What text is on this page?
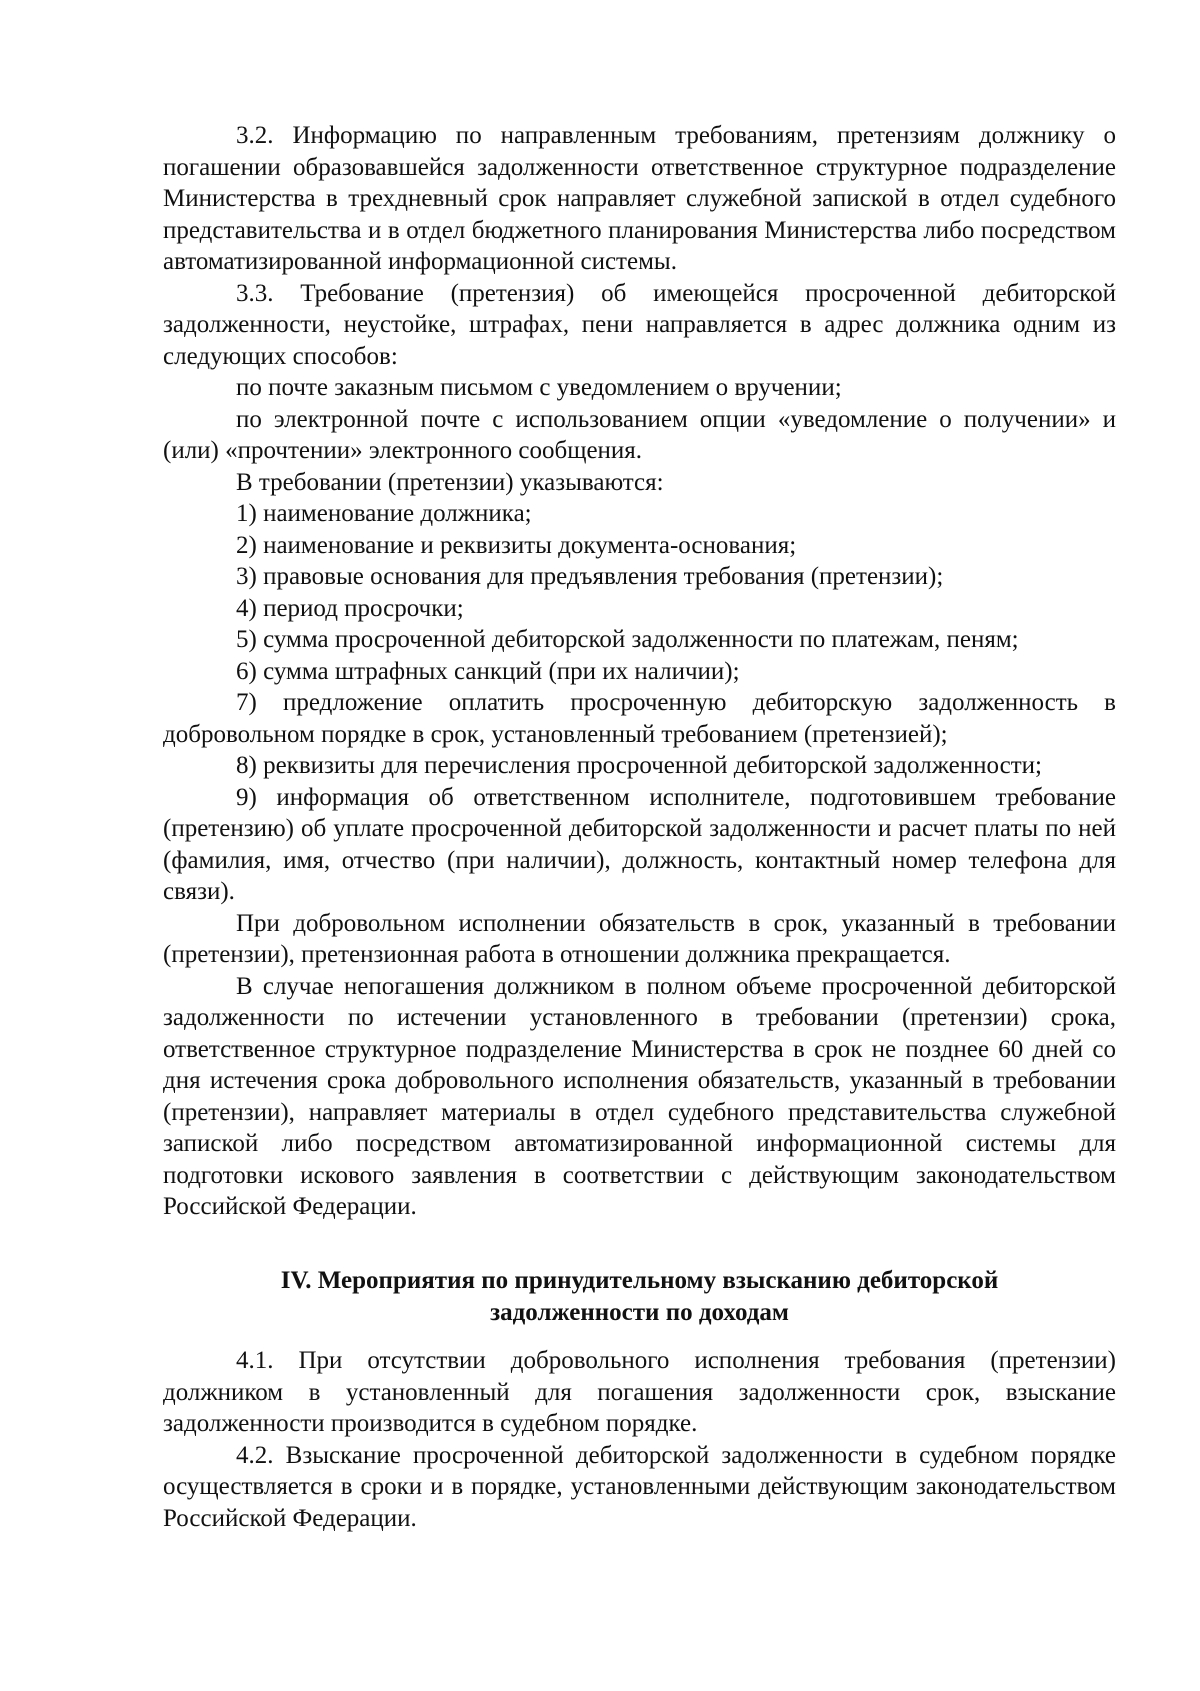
3.2. Информацию по направленным требованиям, претензиям должнику о погашении образовавшейся задолженности ответственное структурное подразделение Министерства в трехдневный срок направляет служебной запиской в отдел судебного представительства и в отдел бюджетного планирования Министерства либо посредством автоматизированной информационной системы.

3.3. Требование (претензия) об имеющейся просроченной дебиторской задолженности, неустойке, штрафах, пени направляется в адрес должника одним из следующих способов:

по почте заказным письмом с уведомлением о вручении;

по электронной почте с использованием опции «уведомление о получении» и (или) «прочтении» электронного сообщения.

В требовании (претензии) указываются:

1) наименование должника;

2) наименование и реквизиты документа-основания;

3) правовые основания для предъявления требования (претензии);

4) период просрочки;

5) сумма просроченной дебиторской задолженности по платежам, пеням;

6) сумма штрафных санкций (при их наличии);

7) предложение оплатить просроченную дебиторскую задолженность в добровольном порядке в срок, установленный требованием (претензией);

8) реквизиты для перечисления просроченной дебиторской задолженности;

9) информация об ответственном исполнителе, подготовившем требование (претензию) об уплате просроченной дебиторской задолженности и расчет платы по ней (фамилия, имя, отчество (при наличии), должность, контактный номер телефона для связи).

При добровольном исполнении обязательств в срок, указанный в требовании (претензии), претензионная работа в отношении должника прекращается.

В случае непогашения должником в полном объеме просроченной дебиторской задолженности по истечении установленного в требовании (претензии) срока, ответственное структурное подразделение Министерства в срок не позднее 60 дней со дня истечения срока добровольного исполнения обязательств, указанный в требовании (претензии), направляет материалы в отдел судебного представительства служебной запиской либо посредством автоматизированной информационной системы для подготовки искового заявления в соответствии с действующим законодательством Российской Федерации.

IV. Мероприятия по принудительному взысканию дебиторской
задолженности по доходам

4.1. При отсутствии добровольного исполнения требования (претензии) должником в установленный для погашения задолженности срок, взыскание задолженности производится в судебном порядке.

4.2. Взыскание просроченной дебиторской задолженности в судебном порядке осуществляется в сроки и в порядке, установленными действующим законодательством Российской Федерации.
